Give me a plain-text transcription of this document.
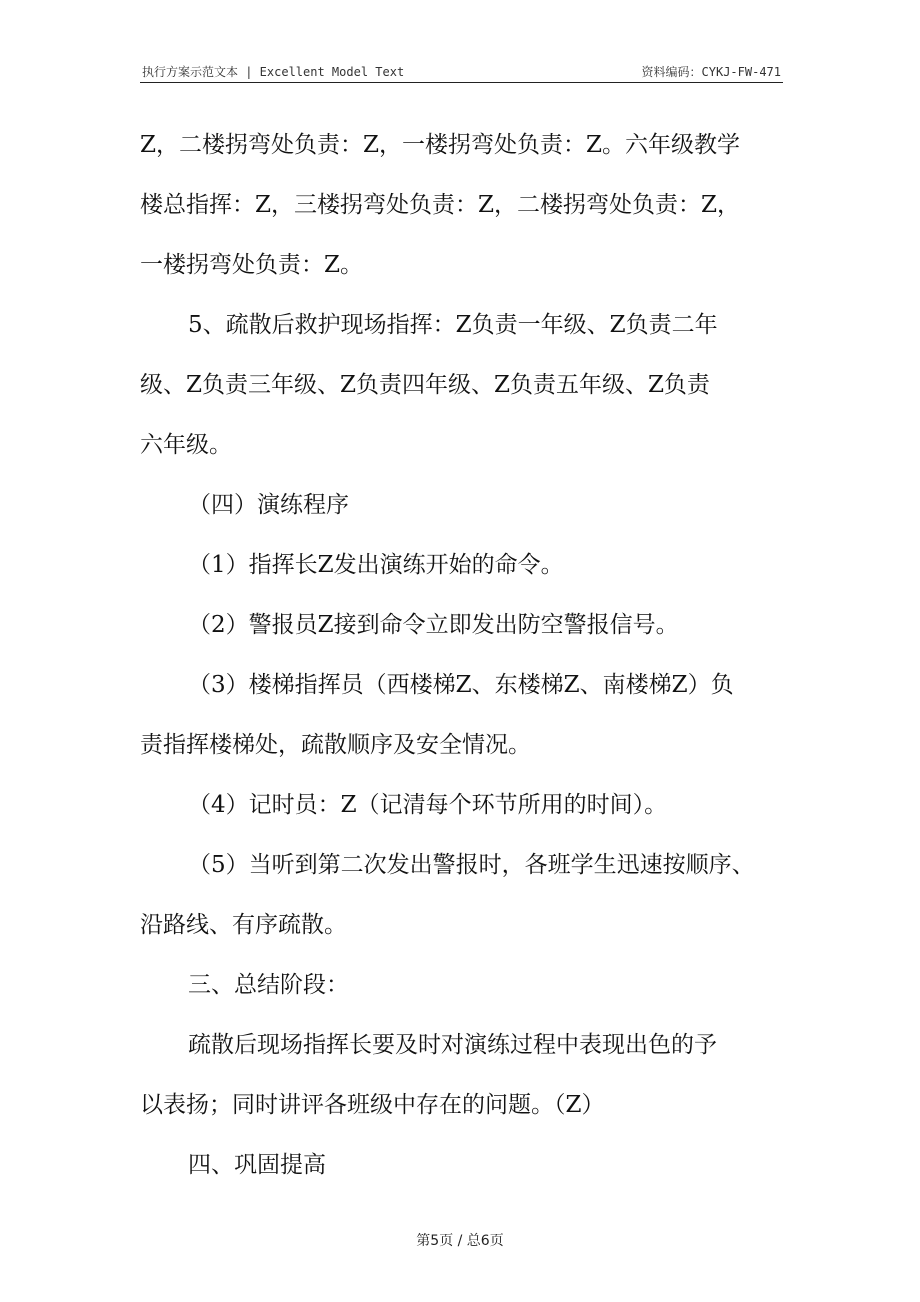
执行方案示范文本 | Excellent Model Text	资料编码：CYKJ-FW-471

Z，二楼拐弯处负责：Z，一楼拐弯处负责：Z。六年级教学

楼总指挥：Z，三楼拐弯处负责：Z，二楼拐弯处负责：Z，

一楼拐弯处负责：Z。

5、疏散后救护现场指挥：Z负责一年级、Z负责二年

级、Z负责三年级、Z负责四年级、Z负责五年级、Z负责

六年级。

（四）演练程序

（1）指挥长Z发出演练开始的命令。

（2）警报员Z接到命令立即发出防空警报信号。

（3）楼梯指挥员（西楼梯Z、东楼梯Z、南楼梯Z）负

责指挥楼梯处，疏散顺序及安全情况。

（4）记时员：Z（记清每个环节所用的时间）。

（5）当听到第二次发出警报时，各班学生迅速按顺序、

沿路线、有序疏散。

三、总结阶段：

疏散后现场指挥长要及时对演练过程中表现出色的予

以表扬；同时讲评各班级中存在的问题。（Z）

四、巩固提高

第5页 / 总6页
